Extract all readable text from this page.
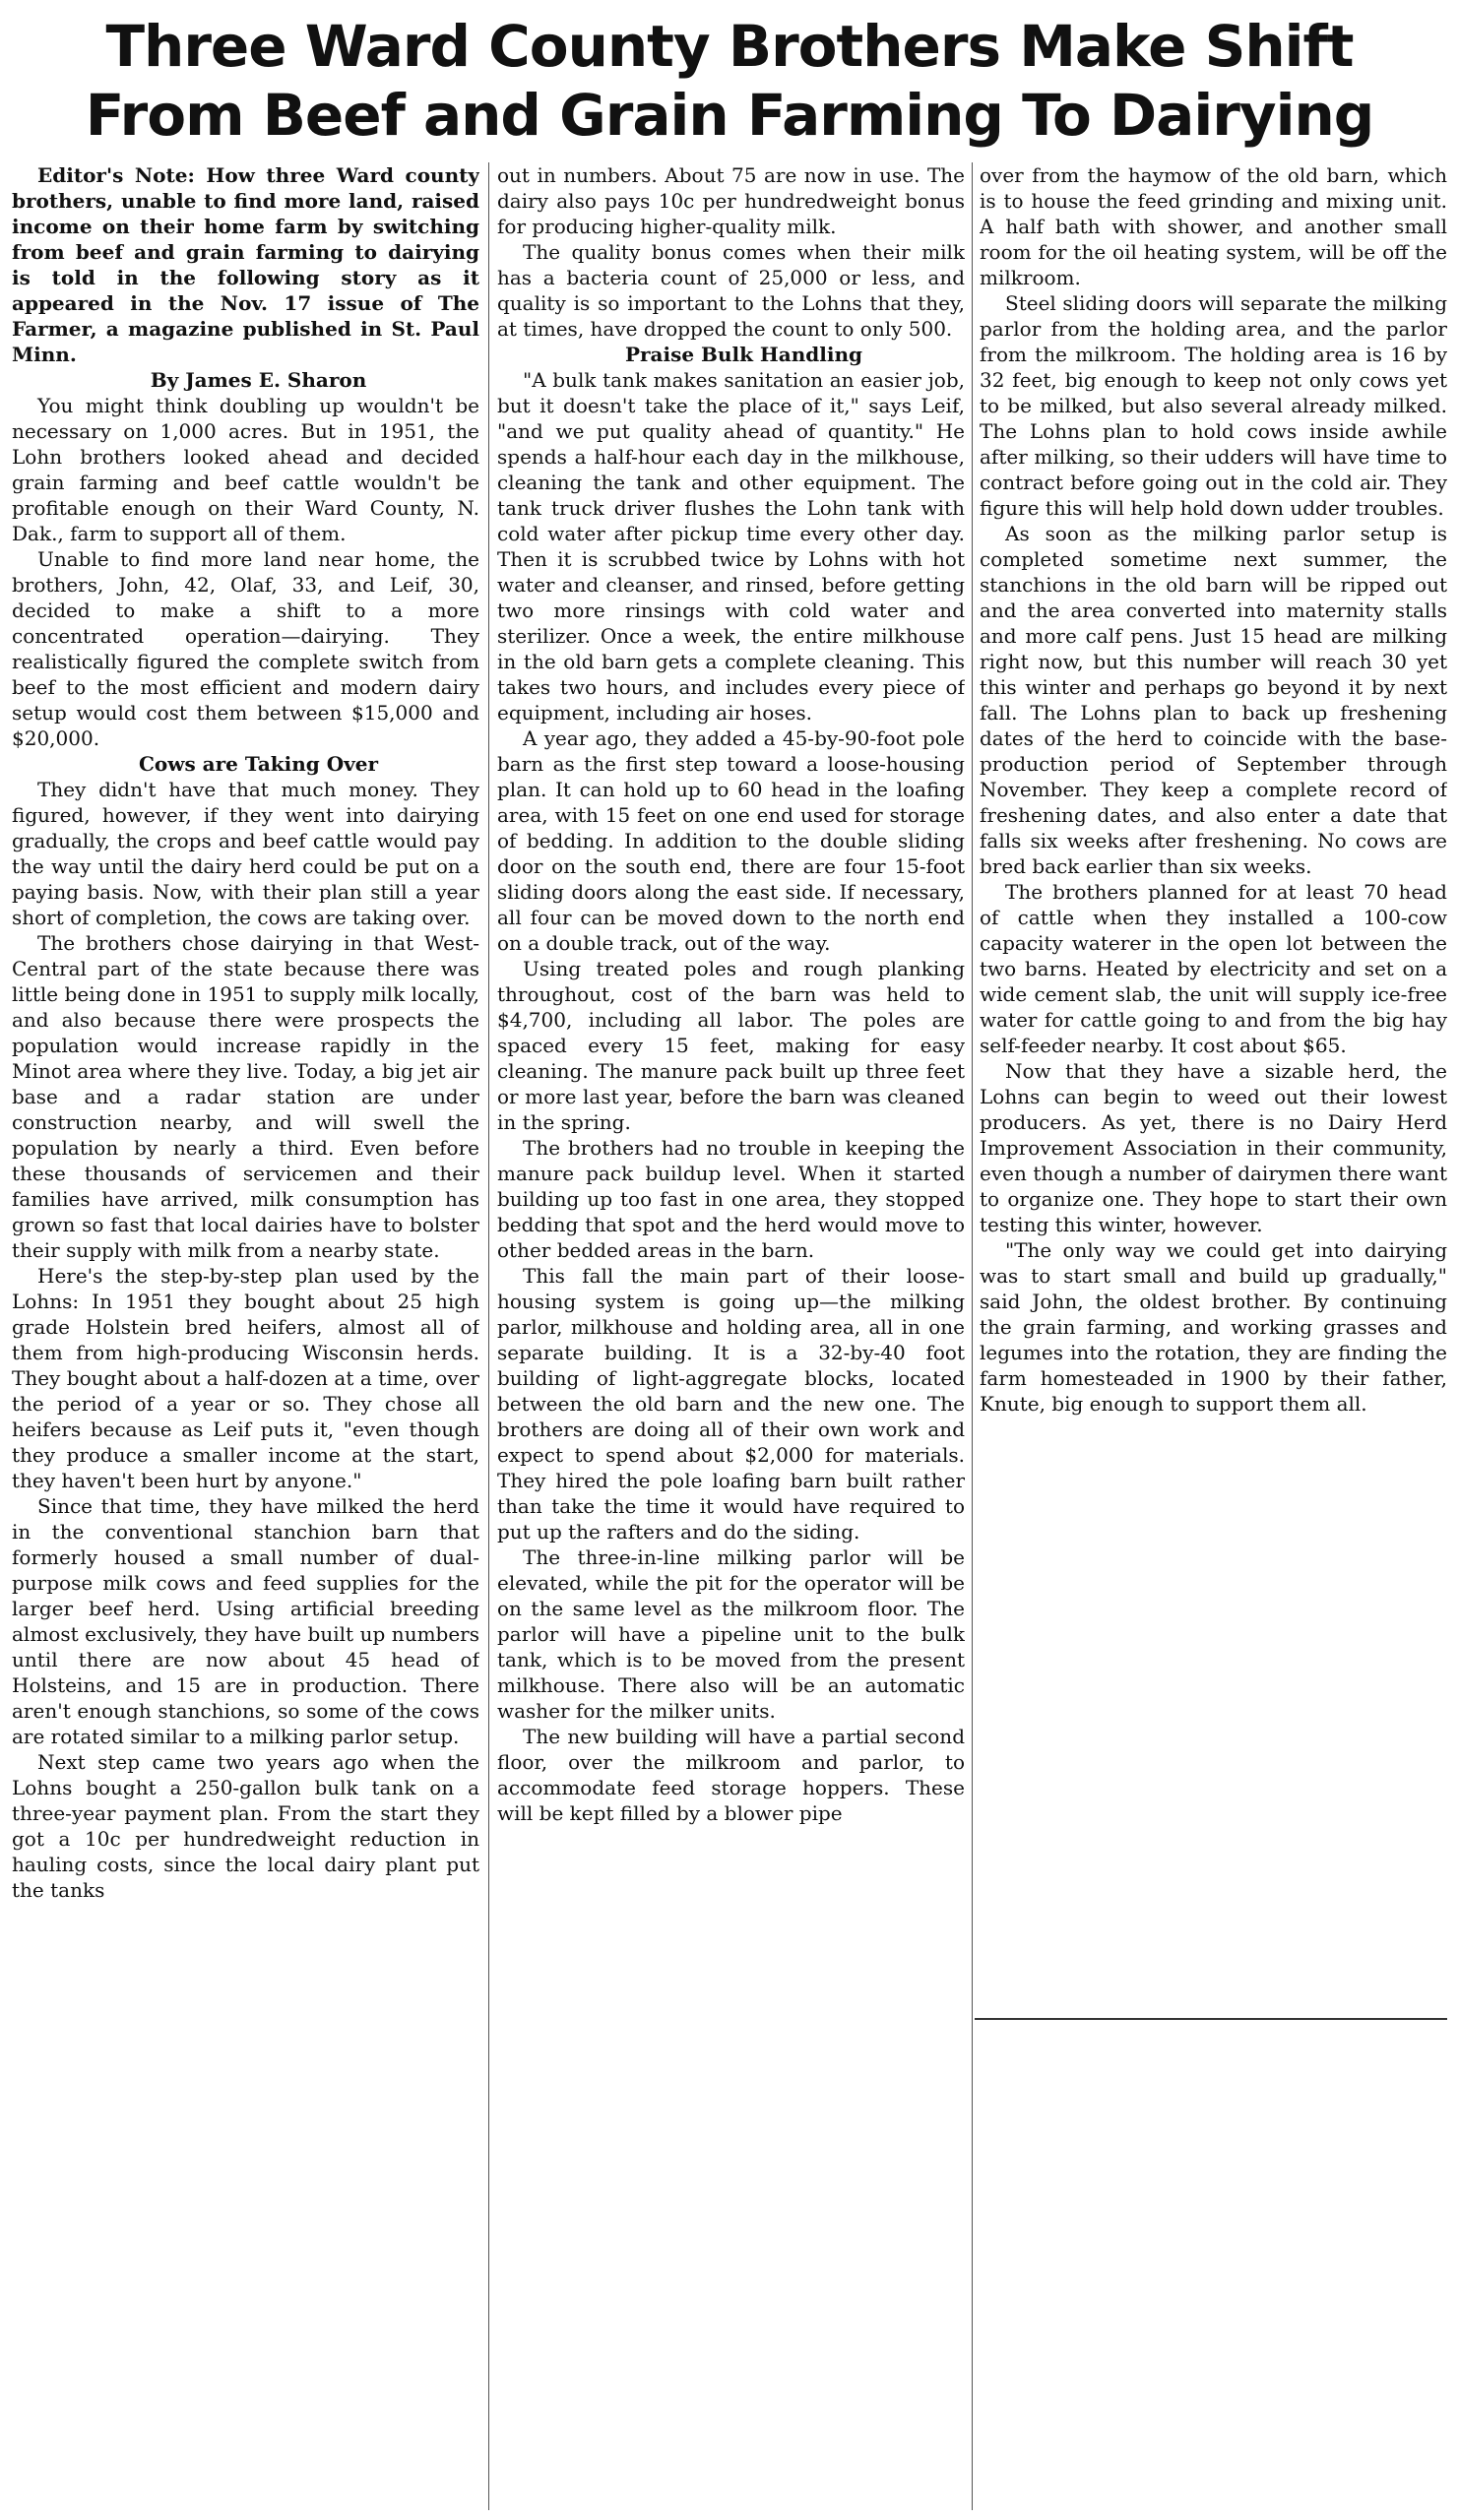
Three Ward County Brothers Make Shift
From Beef and Grain Farming To Dairying

Editor's Note: How three Ward county brothers, unable to find more land, raised income on their home farm by switching from beef and grain farming to dairying is told in the following story as it appeared in the Nov. 17 issue of The Farmer, a magazine published in St. Paul Minn.

By James E. Sharon

You might think doubling up wouldn't be necessary on 1,000 acres. But in 1951, the Lohn brothers looked ahead and decided grain farming and beef cattle wouldn't be profitable enough on their Ward County, N. Dak., farm to support all of them.

Unable to find more land near home, the brothers, John, 42, Olaf, 33, and Leif, 30, decided to make a shift to a more concentrated operation—dairying. They realistically figured the complete switch from beef to the most efficient and modern dairy setup would cost them between $15,000 and $20,000.

Cows are Taking Over

They didn't have that much money. They figured, however, if they went into dairying gradually, the crops and beef cattle would pay the way until the dairy herd could be put on a paying basis. Now, with their plan still a year short of completion, the cows are taking over.

The brothers chose dairying in that West-Central part of the state because there was little being done in 1951 to supply milk locally, and also because there were prospects the population would increase rapidly in the Minot area where they live. Today, a big jet air base and a radar station are under construction nearby, and will swell the population by nearly a third. Even before these thousands of servicemen and their families have arrived, milk consumption has grown so fast that local dairies have to bolster their supply with milk from a nearby state.

Here's the step-by-step plan used by the Lohns: In 1951 they bought about 25 high grade Holstein bred heifers, almost all of them from high-producing Wisconsin herds. They bought about a half-dozen at a time, over the period of a year or so. They chose all heifers because as Leif puts it, "even though they produce a smaller income at the start, they haven't been hurt by anyone."

Since that time, they have milked the herd in the conventional stanchion barn that formerly housed a small number of dual-purpose milk cows and feed supplies for the larger beef herd. Using artificial breeding almost exclusively, they have built up numbers until there are now about 45 head of Holsteins, and 15 are in production. There aren't enough stanchions, so some of the cows are rotated similar to a milking parlor setup.

Next step came two years ago when the Lohns bought a 250-gallon bulk tank on a three-year payment plan. From the start they got a 10c per hundredweight reduction in hauling costs, since the local dairy plant put the tanks

out in numbers. About 75 are now in use. The dairy also pays 10c per hundredweight bonus for producing higher-quality milk.

The quality bonus comes when their milk has a bacteria count of 25,000 or less, and quality is so important to the Lohns that they, at times, have dropped the count to only 500.

Praise Bulk Handling

"A bulk tank makes sanitation an easier job, but it doesn't take the place of it," says Leif, "and we put quality ahead of quantity." He spends a half-hour each day in the milkhouse, cleaning the tank and other equipment. The tank truck driver flushes the Lohn tank with cold water after pickup time every other day. Then it is scrubbed twice by Lohns with hot water and cleanser, and rinsed, before getting two more rinsings with cold water and sterilizer. Once a week, the entire milkhouse in the old barn gets a complete cleaning. This takes two hours, and includes every piece of equipment, including air hoses.

A year ago, they added a 45-by-90-foot pole barn as the first step toward a loose-housing plan. It can hold up to 60 head in the loafing area, with 15 feet on one end used for storage of bedding. In addition to the double sliding door on the south end, there are four 15-foot sliding doors along the east side. If necessary, all four can be moved down to the north end on a double track, out of the way.

Using treated poles and rough planking throughout, cost of the barn was held to $4,700, including all labor. The poles are spaced every 15 feet, making for easy cleaning. The manure pack built up three feet or more last year, before the barn was cleaned in the spring.

The brothers had no trouble in keeping the manure pack buildup level. When it started building up too fast in one area, they stopped bedding that spot and the herd would move to other bedded areas in the barn.

This fall the main part of their loose-housing system is going up—the milking parlor, milkhouse and holding area, all in one separate building. It is a 32-by-40 foot building of light-aggregate blocks, located between the old barn and the new one. The brothers are doing all of their own work and expect to spend about $2,000 for materials. They hired the pole loafing barn built rather than take the time it would have required to put up the rafters and do the siding.

The three-in-line milking parlor will be elevated, while the pit for the operator will be on the same level as the milkroom floor. The parlor will have a pipeline unit to the bulk tank, which is to be moved from the present milkhouse. There also will be an automatic washer for the milker units.

The new building will have a partial second floor, over the milkroom and parlor, to accommodate feed storage hoppers. These will be kept filled by a blower pipe

over from the haymow of the old barn, which is to house the feed grinding and mixing unit. A half bath with shower, and another small room for the oil heating system, will be off the milkroom.

Steel sliding doors will separate the milking parlor from the holding area, and the parlor from the milkroom. The holding area is 16 by 32 feet, big enough to keep not only cows yet to be milked, but also several already milked. The Lohns plan to hold cows inside awhile after milking, so their udders will have time to contract before going out in the cold air. They figure this will help hold down udder troubles.

As soon as the milking parlor setup is completed sometime next summer, the stanchions in the old barn will be ripped out and the area converted into maternity stalls and more calf pens. Just 15 head are milking right now, but this number will reach 30 yet this winter and perhaps go beyond it by next fall. The Lohns plan to back up freshening dates of the herd to coincide with the base-production period of September through November. They keep a complete record of freshening dates, and also enter a date that falls six weeks after freshening. No cows are bred back earlier than six weeks.

The brothers planned for at least 70 head of cattle when they installed a 100-cow capacity waterer in the open lot between the two barns. Heated by electricity and set on a wide cement slab, the unit will supply ice-free water for cattle going to and from the big hay self-feeder nearby. It cost about $65.

Now that they have a sizable herd, the Lohns can begin to weed out their lowest producers. As yet, there is no Dairy Herd Improvement Association in their community, even though a number of dairymen there want to organize one. They hope to start their own testing this winter, however.

"The only way we could get into dairying was to start small and build up gradually," said John, the oldest brother. By continuing the grain farming, and working grasses and legumes into the rotation, they are finding the farm homesteaded in 1900 by their father, Knute, big enough to support them all.
